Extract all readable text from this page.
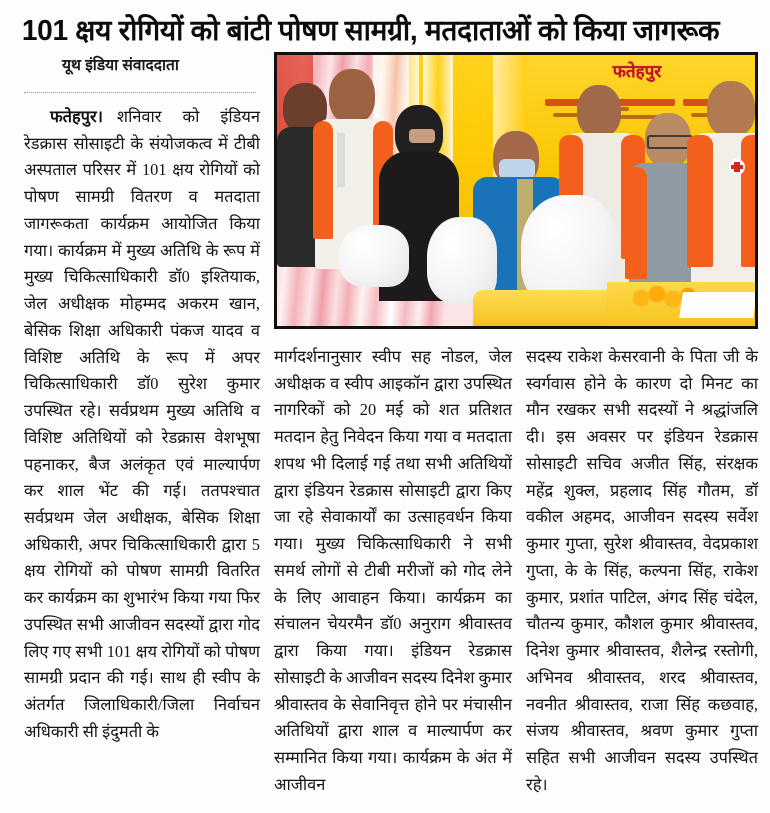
101 क्षय रोगियों को बांटी पोषण सामग्री, मतदाताओं को किया जागरूक
यूथ इंडिया संवाददाता	फतेहपुर

फतेहपुर। शनिवार को इंडियन रेडक्रास सोसाइटी के संयोजकत्व में टीबी अस्पताल परिसर में 101 क्षय रोगियों को पोषण सामग्री वितरण व मतदाता जागरूकता कार्यक्रम आयोजित किया गया। कार्यक्रम में मुख्य अतिथि के रूप में मुख्य चिकित्साधिकारी डॉ0 इश्तियाक, जेल अधीक्षक मोहम्मद अकरम खान, बेसिक शिक्षा अधिकारी पंकज यादव व विशिष्ट अतिथि के रूप में अपर चिकित्साधिकारी डॉ0 सुरेश कुमार उपस्थित रहे। सर्वप्रथम मुख्य अतिथि व विशिष्ट अतिथियों को रेडक्रास वेशभूषा पहनाकर, बैज अलंकृत एवं माल्यार्पण कर शाल भेंट की गई। ततपश्चात सर्वप्रथम जेल अधीक्षक, बेसिक शिक्षा अधिकारी, अपर चिकित्साधिकारी द्वारा 5 क्षय रोगियों को पोषण सामग्री वितरित कर कार्यक्रम का शुभारंभ किया गया फिर उपस्थित सभी आजीवन सदस्यों द्वारा गोद लिए गए सभी 101 क्षय रोगियों को पोषण सामग्री प्रदान की गई। साथ ही स्वीप के अंतर्गत जिलाधिकारी/जिला निर्वाचन अधिकारी सी इंदुमती के

मार्गदर्शनानुसार स्वीप सह नोडल, जेल अधीक्षक व स्वीप आइकॉन द्वारा उपस्थित नागरिकों को 20 मई को शत प्रतिशत मतदान हेतु निवेदन किया गया व मतदाता शपथ भी दिलाई गई तथा सभी अतिथियों द्वारा इंडियन रेडक्रास सोसाइटी द्वारा किए जा रहे सेवाकार्यों का उत्साहवर्धन किया गया। मुख्य चिकित्साधिकारी ने सभी समर्थ लोगों से टीबी मरीजों को गोद लेने के लिए आवाहन किया। कार्यक्रम का संचालन चेयरमैन डॉ0 अनुराग श्रीवास्तव द्वारा किया गया। इंडियन रेडक्रास सोसाइटी के आजीवन सदस्य दिनेश कुमार श्रीवास्तव के सेवानिवृत्त होने पर मंचासीन अतिथियों द्वारा शाल व माल्यार्पण कर सम्मानित किया गया। कार्यक्रम के अंत में आजीवन

सदस्य राकेश केसरवानी के पिता जी के स्वर्गवास होने के कारण दो मिनट का मौन रखकर सभी सदस्यों ने श्रद्धांजलि दी। इस अवसर पर इंडियन रेडक्रास सोसाइटी सचिव अजीत सिंह, संरक्षक महेंद्र शुक्ल, प्रहलाद सिंह गौतम, डॉ वकील अहमद, आजीवन सदस्य सर्वेश कुमार गुप्ता, सुरेश श्रीवास्तव, वेदप्रकाश गुप्ता, के के सिंह, कल्पना सिंह, राकेश कुमार, प्रशांत पाटिल, अंगद सिंह चंदेल, चौतन्य कुमार, कौशल कुमार श्रीवास्तव, दिनेश कुमार श्रीवास्तव, शैलेन्द्र रस्तोगी, अभिनव श्रीवास्तव, शरद श्रीवास्तव, नवनीत श्रीवास्तव, राजा सिंह कछवाह, संजय श्रीवास्तव, श्रवण कुमार गुप्ता सहित सभी आजीवन सदस्य उपस्थित रहे।
